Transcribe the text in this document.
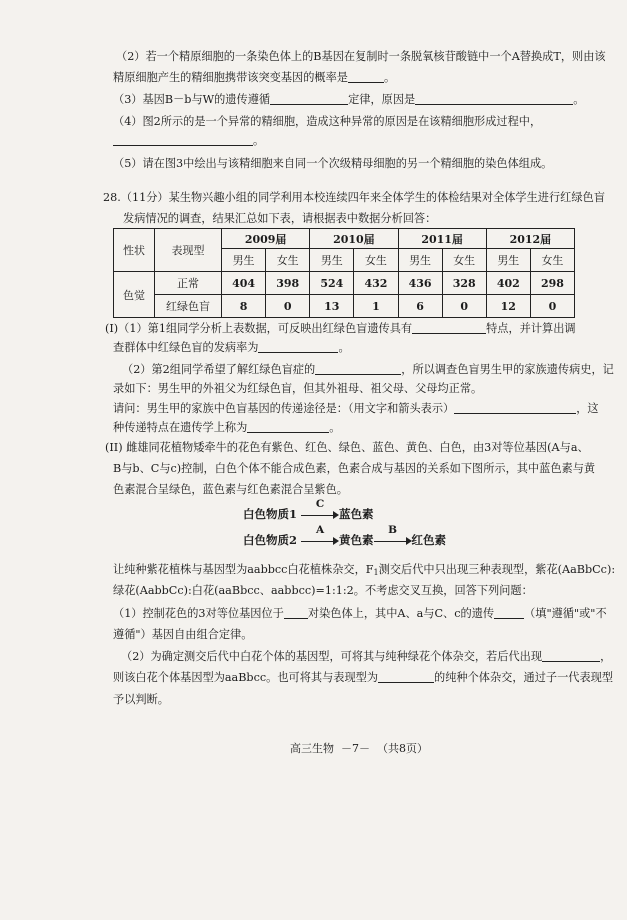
（2）若一个精原细胞的一条染色体上的B基因在复制时一条脱氧核苷酸链中一个A替换成T，则由该
精原细胞产生的精细胞携带该突变基因的概率是	。
（3）基因B－b与W的遗传遵循	定律，原因是	。
（4）图2所示的是一个异常的精细胞，造成这种异常的原因是在该精细胞形成过程中，
。
（5）请在图3中绘出与该精细胞来自同一个次级精母细胞的另一个精细胞的染色体组成。
28.（11分）某生物兴趣小组的同学利用本校连续四年来全体学生的体检结果对全体学生进行红绿色盲
发病情况的调查，结果汇总如下表，请根据表中数据分析回答：
性状	表现型	2009届		2010届		2011届		2012届	
		男生	女生	男生	女生	男生	女生	男生	女生
色觉	正常	404	398	524	432	436	328	402	298
	红绿色盲	8	0	13	1	6	0	12	0
(I)（1）第1组同学分析上表数据，可反映出红绿色盲遗传具有	特点，并计算出调
查群体中红绿色盲的发病率为	。
（2）第2组同学希望了解红绿色盲症的	，所以调查色盲男生甲的家族遗传病史，记
录如下：男生甲的外祖父为红绿色盲，但其外祖母、祖父母、父母均正常。
请问：男生甲的家族中色盲基因的传递途径是：（用文字和箭头表示）	，这
种传递特点在遗传学上称为	。
(II) 雌雄同花植物矮牵牛的花色有紫色、红色、绿色、蓝色、黄色、白色，由3对等位基因(A与a、
B与b、C与c)控制，白色个体不能合成色素，色素合成与基因的关系如下图所示，其中蓝色素与黄
色素混合呈绿色，蓝色素与红色素混合呈紫色。
白色物质1
C
蓝色素
白色物质2
A
黄色素
B
红色素
让纯种紫花植株与基因型为aabbcc白花植株杂交，$F_1$测交后代中只出现三种表现型，紫花(AaBbCc):
绿花(AabbCc):白花(aaBbcc、aabbcc)=1:1:2。不考虑交叉互换，回答下列问题：
（1）控制花色的3对等位基因位于 对染色体上，其中A、a与C、c的遗传	（填"遵循"或"不
遵循"）基因自由组合定律。
（2）为确定测交后代中白花个体的基因型，可将其与纯种绿花个体杂交，若后代出现	，
则该白花个体基因型为aaBbcc。也可将其与表现型为	的纯种个体杂交，通过子一代表现型
予以判断。
高三生物  －7－  （共8页）
